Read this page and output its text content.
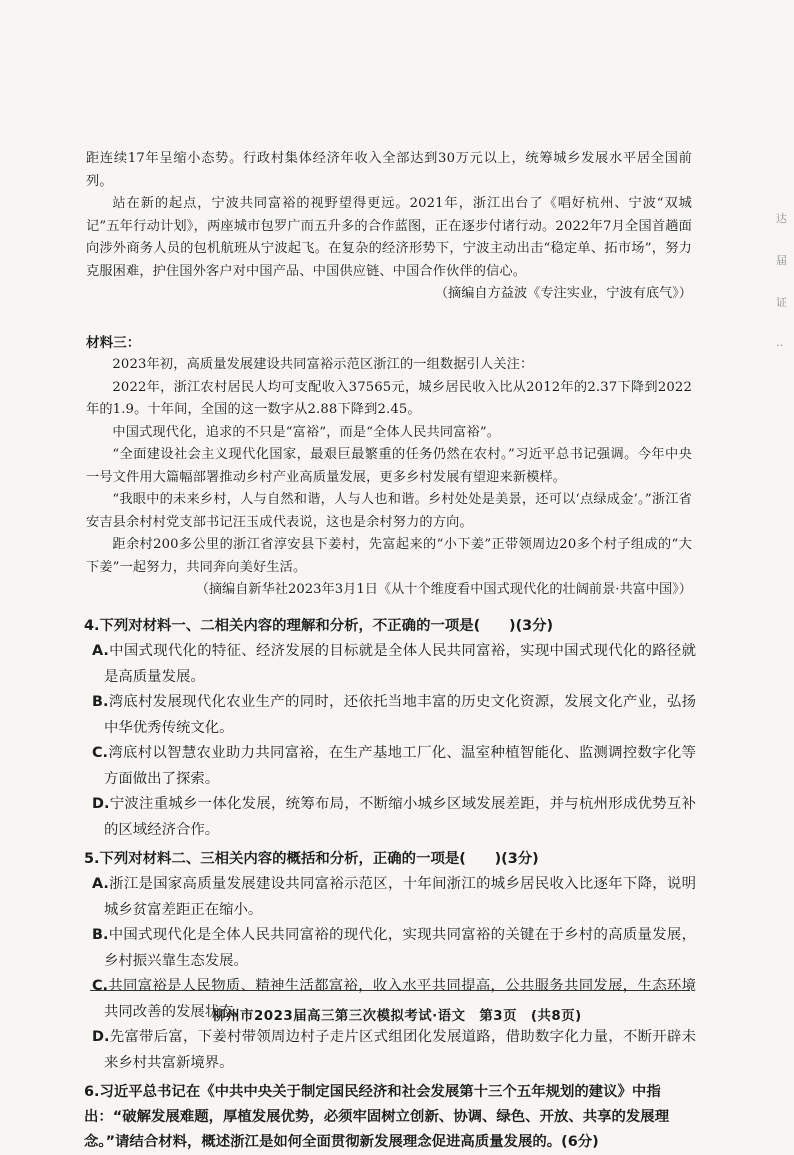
距连续17年呈缩小态势。行政村集体经济年收入全部达到30万元以上，统筹城乡发展水平居全国前列。

站在新的起点，宁波共同富裕的视野望得更远。2021年，浙江出台了《唱好杭州、宁波“双城记”五年行动计划》，两座城市包罗广而五升多的合作蓝图，正在逐步付诸行动。2022年7月全国首趟面向涉外商务人员的包机航班从宁波起飞。在复杂的经济形势下，宁波主动出击“稳定单、拓市场”，努力克服困难，护住国外客户对中国产品、中国供应链、中国合作伙伴的信心。

（摘编自方益波《专注实业，宁波有底气》）

材料三：

2023年初，高质量发展建设共同富裕示范区浙江的一组数据引人关注：

2022年，浙江农村居民人均可支配收入37565元，城乡居民收入比从2012年的2.37下降到2022年的1.9。十年间，全国的这一数字从2.88下降到2.45。

中国式现代化，追求的不只是“富裕”，而是“全体人民共同富裕”。

“全面建设社会主义现代化国家，最艰巨最繁重的任务仍然在农村。”习近平总书记强调。今年中央一号文件用大篇幅部署推动乡村产业高质量发展，更多乡村发展有望迎来新模样。

“我眼中的未来乡村，人与自然和谐，人与人也和谐。乡村处处是美景，还可以‘点绿成金’。”浙江省安吉县余村村党支部书记汪玉成代表说，这也是余村努力的方向。

距余村200多公里的浙江省淳安县下姜村，先富起来的“小下姜”正带领周边20多个村子组成的“大下姜”一起努力，共同奔向美好生活。

（摘编自新华社2023年3月1日《从十个维度看中国式现代化的壮阔前景·共富中国》）

4.下列对材料一、二相关内容的理解和分析，不正确的一项是(　　)(3分)

A.中国式现代化的特征、经济发展的目标就是全体人民共同富裕，实现中国式现代化的路径就是高质量发展。

B.湾底村发展现代化农业生产的同时，还依托当地丰富的历史文化资源，发展文化产业，弘扬中华优秀传统文化。

C.湾底村以智慧农业助力共同富裕，在生产基地工厂化、温室种植智能化、监测调控数字化等方面做出了探索。

D.宁波注重城乡一体化发展，统筹布局，不断缩小城乡区域发展差距，并与杭州形成优势互补的区域经济合作。

5.下列对材料二、三相关内容的概括和分析，正确的一项是(　　)(3分)

A.浙江是国家高质量发展建设共同富裕示范区，十年间浙江的城乡居民收入比逐年下降，说明城乡贫富差距正在缩小。

B.中国式现代化是全体人民共同富裕的现代化，实现共同富裕的关键在于乡村的高质量发展，乡村振兴靠生态发展。

C.共同富裕是人民物质、精神生活都富裕，收入水平共同提高，公共服务共同发展，生态环境共同改善的发展状态。

D.先富带后富，下姜村带领周边村子走片区式组团化发展道路，借助数字化力量，不断开辟未来乡村共富新境界。

6.习近平总书记在《中共中央关于制定国民经济和社会发展第十三个五年规划的建议》中指出：“破解发展难题，厚植发展优势，必须牢固树立创新、协调、绿色、开放、共享的发展理念。”请结合材料，概述浙江是如何全面贯彻新发展理念促进高质量发展的。(6分)

柳州市2023届高三第三次模拟考试·语文　第3页　(共8页)
达
届
证
‥
